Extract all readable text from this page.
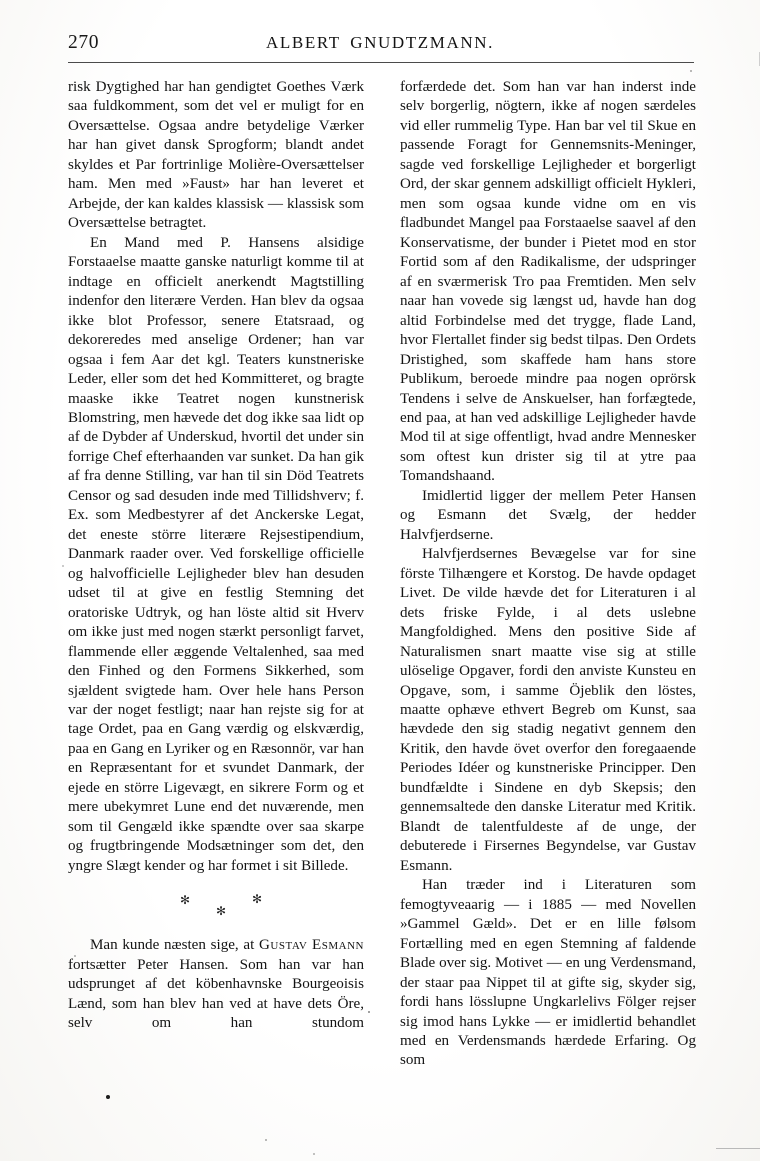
270	ALBERT GNUDTZMANN.

risk Dygtighed har han gendigtet Goethes Værk saa fuldkomment, som det vel er muligt for en Oversættelse. Ogsaa andre betydelige Værker har han givet dansk Sprogform; blandt andet skyldes et Par fortrinlige Molière-Oversættelser ham. Men med »Faust» har han leveret et Arbejde, der kan kaldes klassisk — klassisk som Oversættelse betragtet.

En Mand med P. Hansens alsidige Forstaaelse maatte ganske naturligt komme til at indtage en officielt anerkendt Magtstilling indenfor den literære Verden. Han blev da ogsaa ikke blot Professor, senere Etatsraad, og dekoreredes med anselige Ordener; han var ogsaa i fem Aar det kgl. Teaters kunstneriske Leder, eller som det hed Kommitteret, og bragte maaske ikke Teatret nogen kunstnerisk Blomstring, men hævede det dog ikke saa lidt op af de Dybder af Underskud, hvortil det under sin forrige Chef efterhaanden var sunket. Da han gik af fra denne Stilling, var han til sin Död Teatrets Censor og sad desuden inde med Tillidshverv; f. Ex. som Medbestyrer af det Anckerske Legat, det eneste större literære Rejsestipendium, Danmark raader over. Ved forskellige officielle og halvofficielle Lejligheder blev han desuden udset til at give en festlig Stemning det oratoriske Udtryk, og han löste altid sit Hverv om ikke just med nogen stærkt personligt farvet, flammende eller æggende Veltalenhed, saa med den Finhed og den Formens Sikkerhed, som sjældent svigtede ham. Over hele hans Person var der noget festligt; naar han rejste sig for at tage Ordet, paa en Gang værdig og elskværdig, paa en Gang en Lyriker og en Ræsonnör, var han en Repræsentant for et svundet Danmark, der ejede en större Ligevægt, en sikrere Form og et mere ubekymret Lune end det nuværende, men som til Gengæld ikke spændte over saa skarpe og frugtbringende Modsætninger som det, den yngre Slægt kender og har formet i sit Billede.

✻
✻
✻

Man kunde næsten sige, at Gustav Esmann fortsætter Peter Hansen. Som han var han udsprunget af det köbenhavnske Bourgeoisis Lænd, som han blev han ved at have dets Öre, selv om han stundom

forfærdede det. Som han var han inderst inde selv borgerlig, nögtern, ikke af nogen særdeles vid eller rummelig Type. Han bar vel til Skue en passende Foragt for Gennemsnits-Meninger, sagde ved forskellige Lejligheder et borgerligt Ord, der skar gennem adskilligt officielt Hykleri, men som ogsaa kunde vidne om en vis fladbundet Mangel paa Forstaaelse saavel af den Konservatisme, der bunder i Pietet mod en stor Fortid som af den Radikalisme, der udspringer af en sværmerisk Tro paa Fremtiden. Men selv naar han vovede sig længst ud, havde han dog altid Forbindelse med det trygge, flade Land, hvor Flertallet finder sig bedst tilpas. Den Ordets Dristighed, som skaffede ham hans store Publikum, beroede mindre paa nogen oprörsk Tendens i selve de Anskuelser, han forfægtede, end paa, at han ved adskillige Lejligheder havde Mod til at sige offentligt, hvad andre Mennesker som oftest kun drister sig til at ytre paa Tomandshaand.

Imidlertid ligger der mellem Peter Hansen og Esmann det Svælg, der hedder Halvfjerdserne.

Halvfjerdsernes Bevægelse var for sine förste Tilhængere et Korstog. De havde opdaget Livet. De vilde hævde det for Literaturen i al dets friske Fylde, i al dets uslebne Mangfoldighed. Mens den positive Side af Naturalismen snart maatte vise sig at stille ulöselige Opgaver, fordi den anviste Kunsteu en Opgave, som, i samme Öjeblik den löstes, maatte ophæve ethvert Begreb om Kunst, saa hævdede den sig stadig negativt gennem den Kritik, den havde övet overfor den foregaaende Periodes Idéer og kunstneriske Principper. Den bundfældte i Sindene en dyb Skepsis; den gennemsaltede den danske Literatur med Kritik. Blandt de talentfuldeste af de unge, der debuterede i Firsernes Begyndelse, var Gustav Esmann.

Han træder ind i Literaturen som femogtyveaarig — i 1885 — med Novellen »Gammel Gæld». Det er en lille følsom Fortælling med en egen Stemning af faldende Blade over sig. Motivet — en ung Verdensmand, der staar paa Nippet til at gifte sig, skyder sig, fordi hans lösslupne Ungkarlelivs Fölger rejser sig imod hans Lykke — er imidlertid behandlet med en Verdensmands hærdede Erfaring. Og som
